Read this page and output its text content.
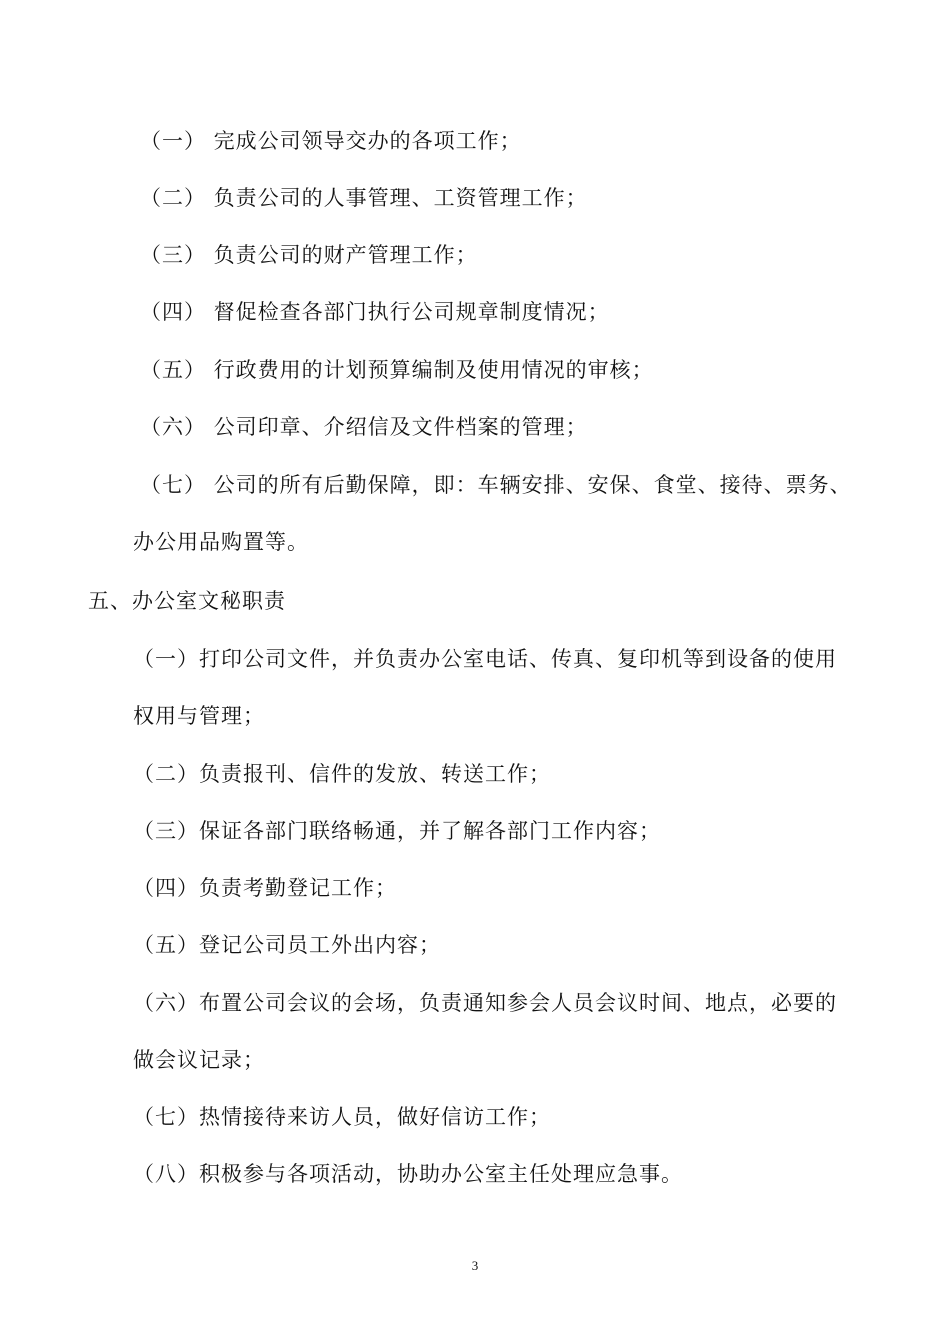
（一） 完成公司领导交办的各项工作；
（二） 负责公司的人事管理、工资管理工作；
（三） 负责公司的财产管理工作；
（四） 督促检查各部门执行公司规章制度情况；
（五） 行政费用的计划预算编制及使用情况的审核；
（六） 公司印章、介绍信及文件档案的管理；
（七） 公司的所有后勤保障，即：车辆安排、安保、食堂、接待、票务、
办公用品购置等。
五、办公室文秘职责
（一）打印公司文件，并负责办公室电话、传真、复印机等到设备的使用
权用与管理；
（二）负责报刊、信件的发放、转送工作；
（三）保证各部门联络畅通，并了解各部门工作内容；
（四）负责考勤登记工作；
（五）登记公司员工外出内容；
（六）布置公司会议的会场，负责通知参会人员会议时间、地点，必要的
做会议记录；
（七）热情接待来访人员，做好信访工作；
（八）积极参与各项活动，协助办公室主任处理应急事。
3
